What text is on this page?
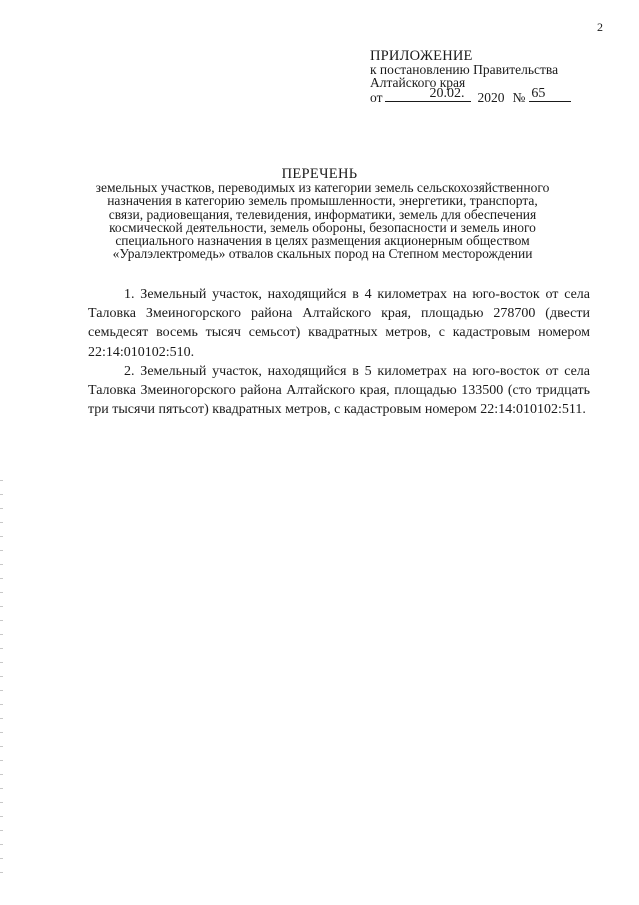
2
ПРИЛОЖЕНИЕ
к постановлению Правительства
Алтайского края
от	20.02. 2020 № 65
ПЕРЕЧЕНЬ
земельных участков, переводимых из категории земель сельскохозяйственного назначения в категорию земель промышленности, энергетики, транспорта, связи, радиовещания, телевидения, информатики, земель для обеспечения космической деятельности, земель обороны, безопасности и земель иного специального назначения в целях размещения акционерным обществом «Уралэлектромедь» отвалов скальных пород на Степном месторождении

1. Земельный участок, находящийся в 4 километрах на юго-восток от села Таловка Змеиногорского района Алтайского края, площадью 278700 (двести семьдесят восемь тысяч семьсот) квадратных метров, с кадастровым номером 22:14:010102:510.

2. Земельный участок, находящийся в 5 километрах на юго-восток от села Таловка Змеиногорского района Алтайского края, площадью 133500 (сто тридцать три тысячи пятьсот) квадратных метров, с кадастровым номером 22:14:010102:511.
